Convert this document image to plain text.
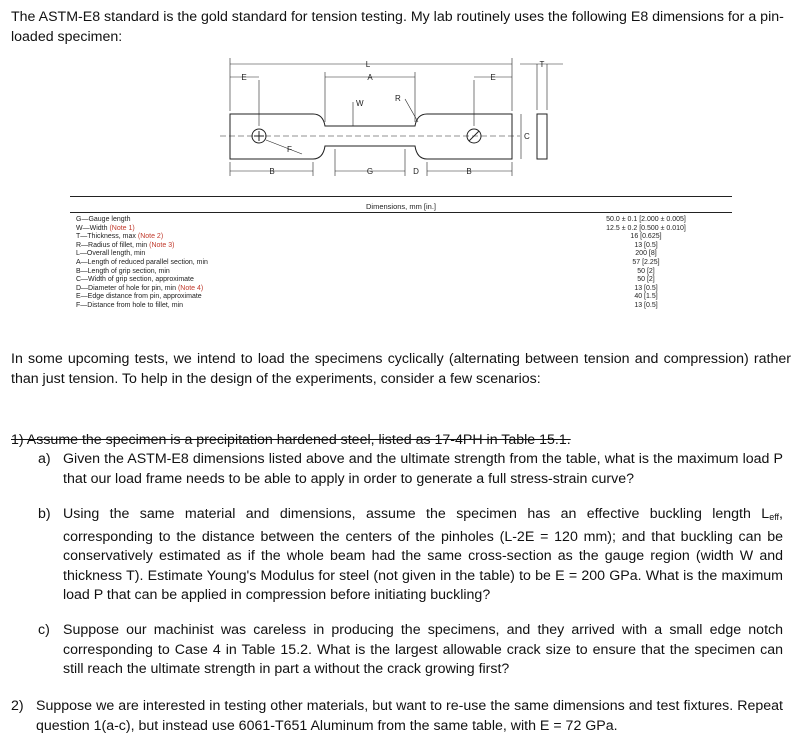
The ASTM-E8 standard is the gold standard for tension testing. My lab routinely uses the following E8 dimensions for a pin-loaded specimen:
L
A
E	E
T
W
R
C
F
B	G	D	B
Dimensions, mm [in.]
G—Gauge length	50.0 ± 0.1 [2.000 ± 0.005]
W—Width (Note 1)	12.5 ± 0.2 [0.500 ± 0.010]
T—Thickness, max (Note 2)	16 [0.625]
R—Radius of fillet, min (Note 3)	13 [0.5]
L—Overall length, min	200 [8]
A—Length of reduced parallel section, min	57 [2.25]
B—Length of grip section, min	50 [2]
C—Width of grip section, approximate	50 [2]
D—Diameter of hole for pin, min (Note 4)	13 [0.5]
E—Edge distance from pin, approximate	40 [1.5]
F—Distance from hole to fillet, min	13 [0.5]
In some upcoming tests, we intend to load the specimens cyclically (alternating between tension and compression) rather than just tension. To help in the design of the experiments, consider a few scenarios:
1) Assume the specimen is a precipitation hardened steel, listed as 17-4PH in Table 15.1.
a) Given the ASTM-E8 dimensions listed above and the ultimate strength from the table, what is the maximum load P that our load frame needs to be able to apply in order to generate a full stress-strain curve?
b) Using the same material and dimensions, assume the specimen has an effective buckling length $L_{eff}$, corresponding to the distance between the centers of the pinholes (L-2E = 120 mm); and that buckling can be conservatively estimated as if the whole beam had the same cross-section as the gauge region (width W and thickness T). Estimate Young's Modulus for steel (not given in the table) to be E = 200 GPa. What is the maximum load P that can be applied in compression before initiating buckling?
c) Suppose our machinist was careless in producing the specimens, and they arrived with a small edge notch corresponding to Case 4 in Table 15.2. What is the largest allowable crack size to ensure that the specimen can still reach the ultimate strength in part a without the crack growing first?
2) Suppose we are interested in testing other materials, but want to re-use the same dimensions and test fixtures. Repeat question 1(a-c), but instead use 6061-T651 Aluminum from the same table, with E = 72 GPa.
